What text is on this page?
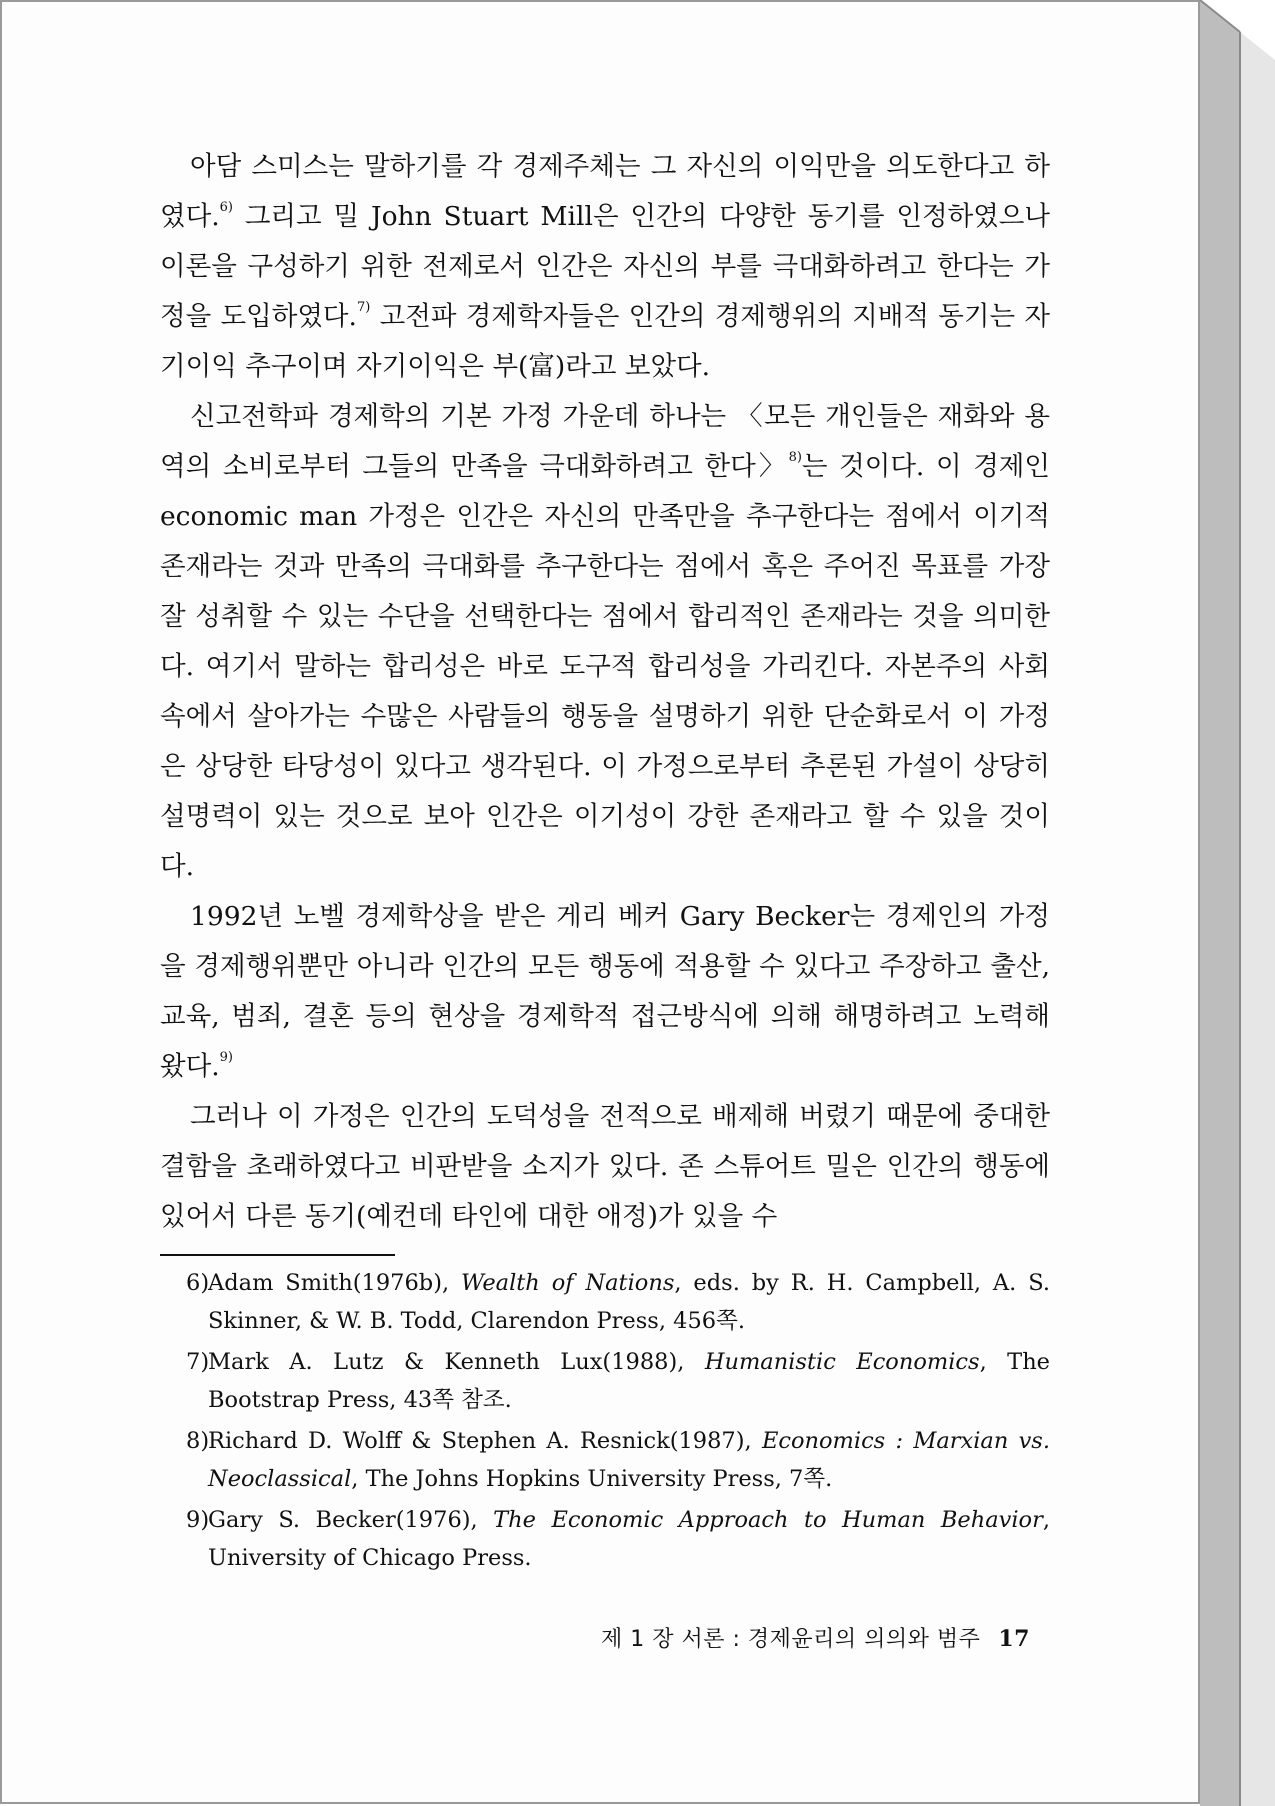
아담 스미스는 말하기를 각 경제주체는 그 자신의 이익만을 의도한다고 하였다.$^{6)}$ 그리고 밀 John Stuart Mill은 인간의 다양한 동기를 인정하였으나 이론을 구성하기 위한 전제로서 인간은 자신의 부를 극대화하려고 한다는 가정을 도입하였다.$^{7)}$ 고전파 경제학자들은 인간의 경제행위의 지배적 동기는 자기이익 추구이며 자기이익은 부(富)라고 보았다.

신고전학파 경제학의 기본 가정 가운데 하나는 〈모든 개인들은 재화와 용역의 소비로부터 그들의 만족을 극대화하려고 한다〉$^{8)}$는 것이다. 이 경제인 economic man 가정은 인간은 자신의 만족만을 추구한다는 점에서 이기적 존재라는 것과 만족의 극대화를 추구한다는 점에서 혹은 주어진 목표를 가장 잘 성취할 수 있는 수단을 선택한다는 점에서 합리적인 존재라는 것을 의미한다. 여기서 말하는 합리성은 바로 도구적 합리성을 가리킨다. 자본주의 사회 속에서 살아가는 수많은 사람들의 행동을 설명하기 위한 단순화로서 이 가정은 상당한 타당성이 있다고 생각된다. 이 가정으로부터 추론된 가설이 상당히 설명력이 있는 것으로 보아 인간은 이기성이 강한 존재라고 할 수 있을 것이다.

1992년 노벨 경제학상을 받은 게리 베커 Gary Becker는 경제인의 가정을 경제행위뿐만 아니라 인간의 모든 행동에 적용할 수 있다고 주장하고 출산, 교육, 범죄, 결혼 등의 현상을 경제학적 접근방식에 의해 해명하려고 노력해 왔다.$^{9)}$

그러나 이 가정은 인간의 도덕성을 전적으로 배제해 버렸기 때문에 중대한 결함을 초래하였다고 비판받을 소지가 있다. 존 스튜어트 밀은 인간의 행동에 있어서 다른 동기(예컨데 타인에 대한 애정)가 있을 수

6)Adam Smith(1976b), Wealth of Nations, eds. by R. H. Campbell, A. S. Skinner, & W. B. Todd, Clarendon Press, 456쪽.

7)Mark A. Lutz & Kenneth Lux(1988), Humanistic Economics, The Bootstrap Press, 43쪽 참조.

8)Richard D. Wolff & Stephen A. Resnick(1987), Economics : Marxian vs. Neoclassical, The Johns Hopkins University Press, 7쪽.

9)Gary S. Becker(1976), The Economic Approach to Human Behavior, University of Chicago Press.

제 1 장 서론 : 경제윤리의 의의와 범주 17
